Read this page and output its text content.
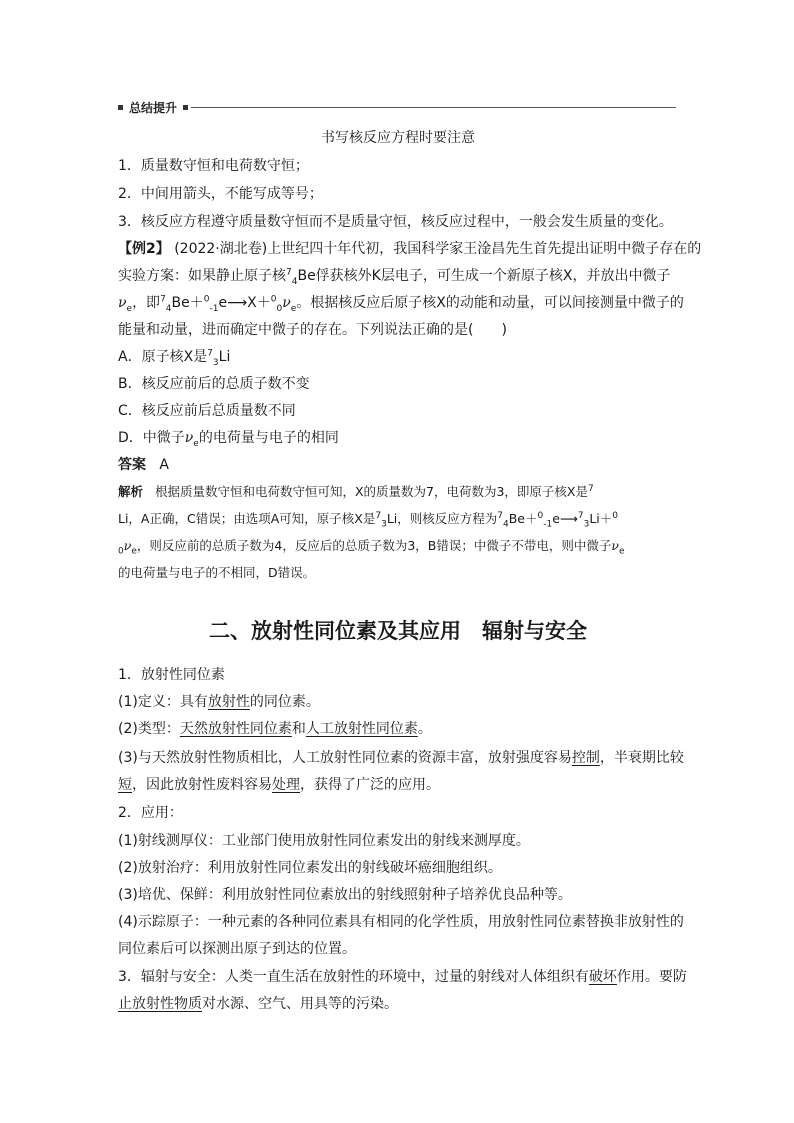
总结提升
书写核反应方程时要注意
1．质量数守恒和电荷数守恒；
2．中间用箭头，不能写成等号；
3．核反应方程遵守质量数守恒而不是质量守恒，核反应过程中，一般会发生质量的变化。
【例2】 (2022·湖北卷)上世纪四十年代初，我国科学家王淦昌先生首先提出证明中微子存在的
实验方案：如果静止原子核$^7_4$Be俘获核外K层电子，可生成一个新原子核X，并放出中微子
$\nu_e$，即$^7_4Be+^0_{-1}e⟶X+^0_0\nu_e$。根据核反应后原子核X的动能和动量，可以间接测量中微子的
能量和动量，进而确定中微子的存在。下列说法正确的是(　　)
A．原子核X是$^7_3$Li
B．核反应前后的总质子数不变
C．核反应前后总质量数不同
D．中微子$\nu_e$的电荷量与电子的相同
答案 A
解析 根据质量数守恒和电荷数守恒可知，X的质量数为7，电荷数为3，即原子核X是$^7$
Li，A正确，C错误；由选项A可知，原子核X是$^7_3$Li，则核反应方程为$^7_4$Be＋$^0_{-1}$e⟶$^7_3$Li＋$^0$
$_0\nu_e$，则反应前的总质子数为4，反应后的总质子数为3，B错误；中微子不带电，则中微子$\nu_e$
的电荷量与电子的不相同，D错误。
二、放射性同位素及其应用　辐射与安全
1．放射性同位素
(1)定义：具有放射性的同位素。
(2)类型：天然放射性同位素和人工放射性同位素。
(3)与天然放射性物质相比，人工放射性同位素的资源丰富，放射强度容易控制，半衰期比较
短，因此放射性废料容易处理，获得了广泛的应用。
2．应用：
(1)射线测厚仪：工业部门使用放射性同位素发出的射线来测厚度。
(2)放射治疗：利用放射性同位素发出的射线破坏癌细胞组织。
(3)培优、保鲜：利用放射性同位素放出的射线照射种子培养优良品种等。
(4)示踪原子：一种元素的各种同位素具有相同的化学性质，用放射性同位素替换非放射性的
同位素后可以探测出原子到达的位置。
3．辐射与安全：人类一直生活在放射性的环境中，过量的射线对人体组织有破坏作用。要防
止放射性物质对水源、空气、用具等的污染。
